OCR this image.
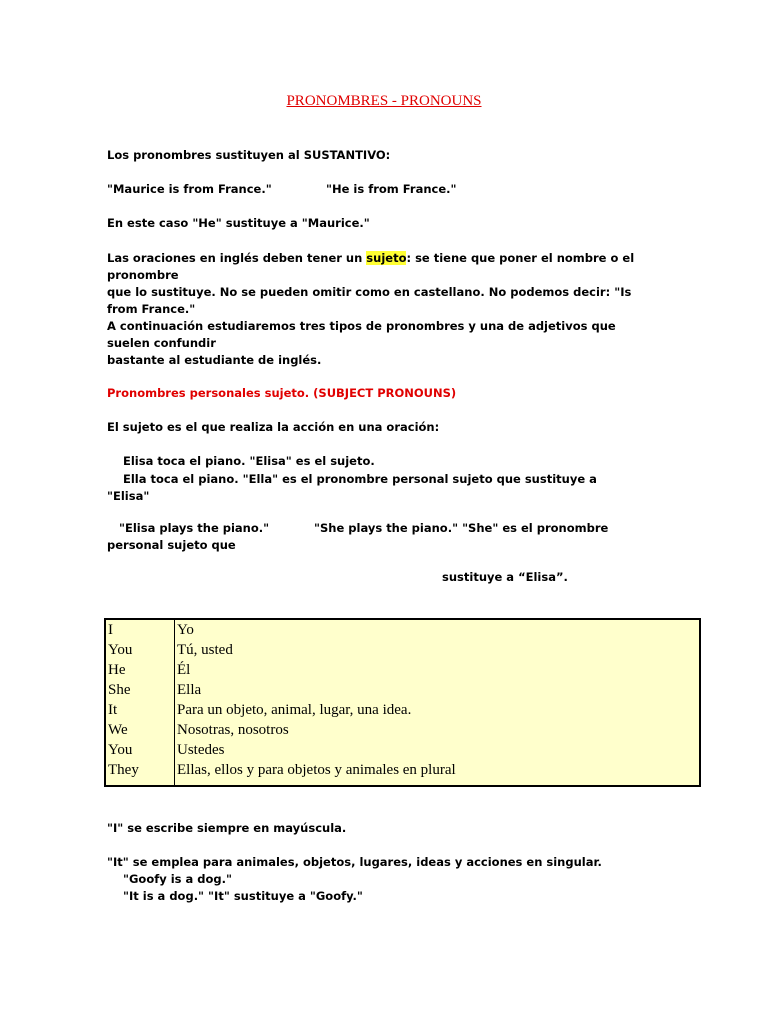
PRONOMBRES - PRONOUNS
Los pronombres sustituyen al SUSTANTIVO:
"Maurice is from France."	"He is from France."
En este caso "He" sustituye a "Maurice."
Las oraciones en inglés deben tener un sujeto: se tiene que poner el nombre o el
pronombre
que lo sustituye. No se pueden omitir como en castellano. No podemos decir: "Is
from France."
A continuación estudiaremos tres tipos de pronombres y una de adjetivos que
suelen confundir
bastante al estudiante de inglés.
Pronombres personales sujeto. (SUBJECT PRONOUNS)
El sujeto es el que realiza la acción en una oración:
Elisa toca el piano. "Elisa" es el sujeto.
Ella toca el piano. "Ella" es el pronombre personal sujeto que sustituye a
"Elisa"
"Elisa plays the piano."	"She plays the piano." "She" es el pronombre
personal sujeto que
sustituye a “Elisa”.
I	Yo
You	Tú, usted
He	Él
She	Ella
It	Para un objeto, animal, lugar, una idea.
We	Nosotras, nosotros
You	Ustedes
They	Ellas, ellos y para objetos y animales en plural
"I" se escribe siempre en mayúscula.
"It" se emplea para animales, objetos, lugares, ideas y acciones en singular.
"Goofy is a dog."
"It is a dog." "It" sustituye a "Goofy."
